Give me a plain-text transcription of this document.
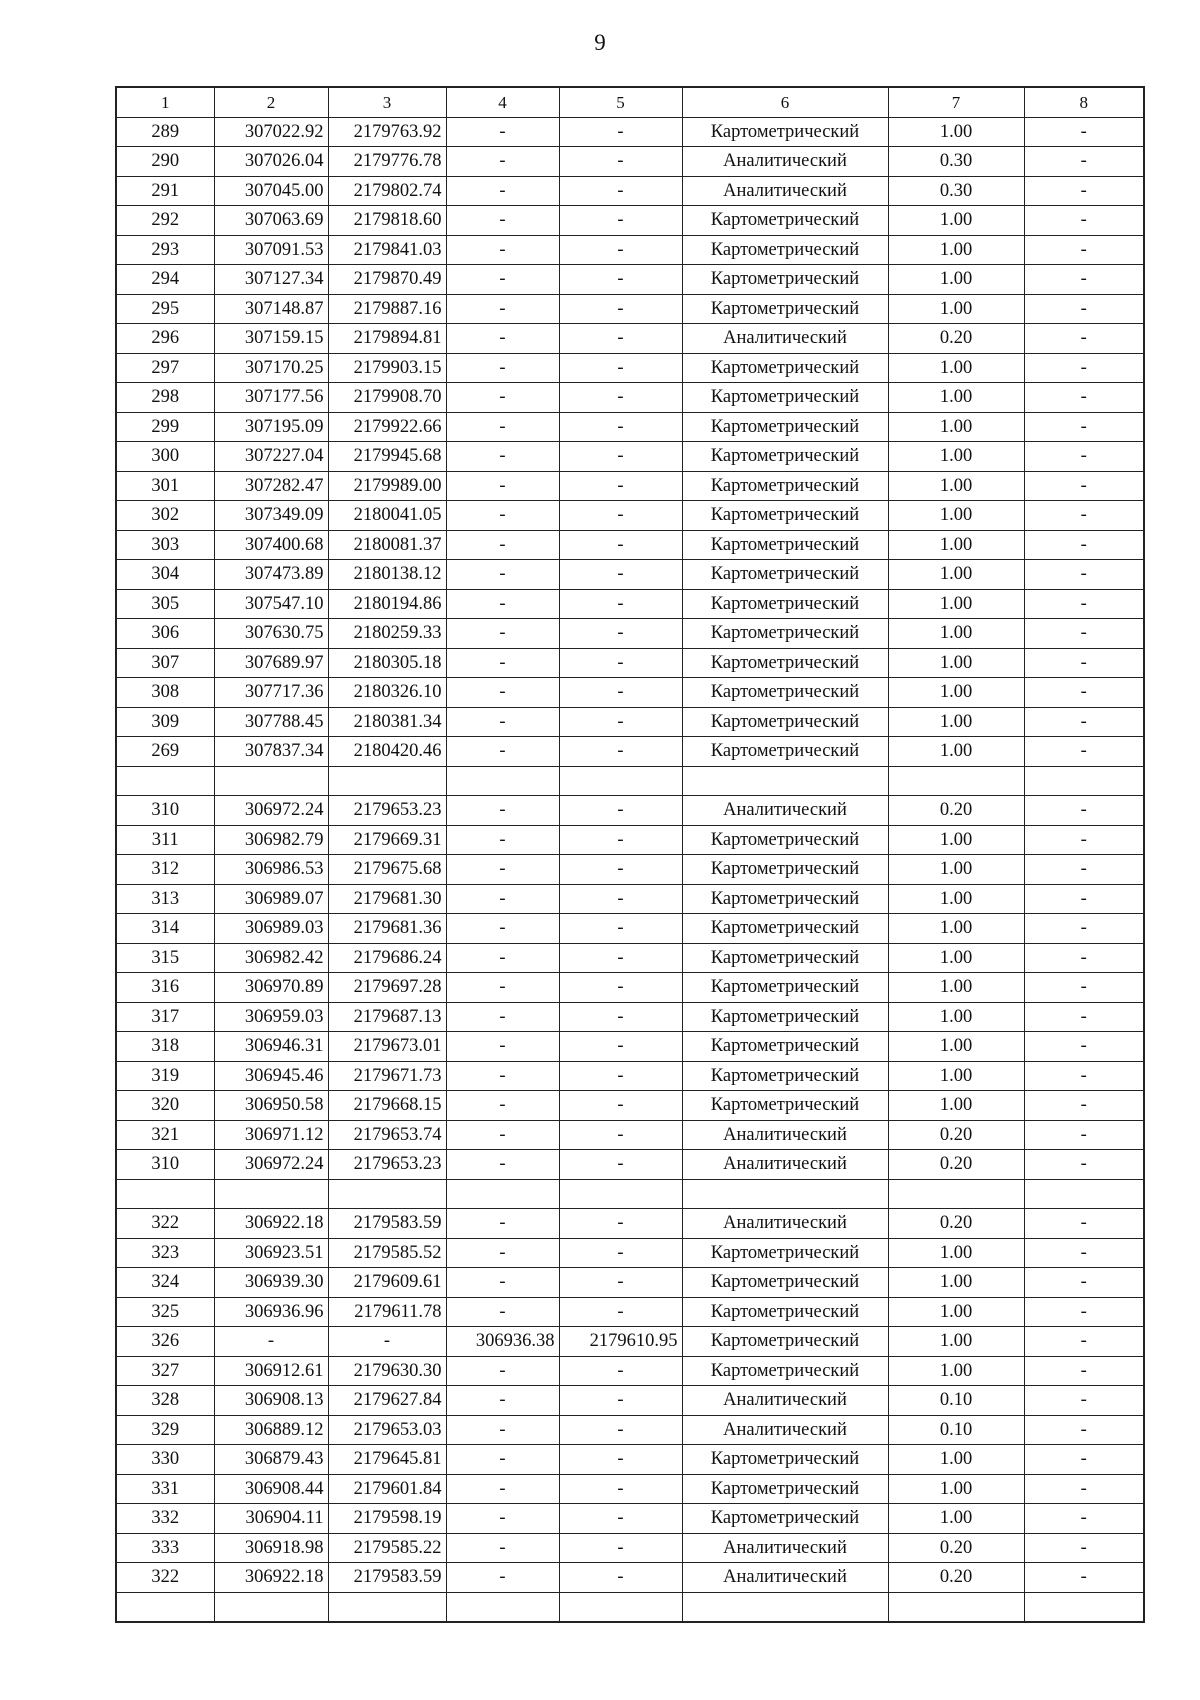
9
1	2	3	4	5	6	7	8
289	307022.92	2179763.92	-	-	Картометрический	1.00	-
290	307026.04	2179776.78	-	-	Аналитический	0.30	-
291	307045.00	2179802.74	-	-	Аналитический	0.30	-
292	307063.69	2179818.60	-	-	Картометрический	1.00	-
293	307091.53	2179841.03	-	-	Картометрический	1.00	-
294	307127.34	2179870.49	-	-	Картометрический	1.00	-
295	307148.87	2179887.16	-	-	Картометрический	1.00	-
296	307159.15	2179894.81	-	-	Аналитический	0.20	-
297	307170.25	2179903.15	-	-	Картометрический	1.00	-
298	307177.56	2179908.70	-	-	Картометрический	1.00	-
299	307195.09	2179922.66	-	-	Картометрический	1.00	-
300	307227.04	2179945.68	-	-	Картометрический	1.00	-
301	307282.47	2179989.00	-	-	Картометрический	1.00	-
302	307349.09	2180041.05	-	-	Картометрический	1.00	-
303	307400.68	2180081.37	-	-	Картометрический	1.00	-
304	307473.89	2180138.12	-	-	Картометрический	1.00	-
305	307547.10	2180194.86	-	-	Картометрический	1.00	-
306	307630.75	2180259.33	-	-	Картометрический	1.00	-
307	307689.97	2180305.18	-	-	Картометрический	1.00	-
308	307717.36	2180326.10	-	-	Картометрический	1.00	-
309	307788.45	2180381.34	-	-	Картометрический	1.00	-
269	307837.34	2180420.46	-	-	Картометрический	1.00	-

310	306972.24	2179653.23	-	-	Аналитический	0.20	-
311	306982.79	2179669.31	-	-	Картометрический	1.00	-
312	306986.53	2179675.68	-	-	Картометрический	1.00	-
313	306989.07	2179681.30	-	-	Картометрический	1.00	-
314	306989.03	2179681.36	-	-	Картометрический	1.00	-
315	306982.42	2179686.24	-	-	Картометрический	1.00	-
316	306970.89	2179697.28	-	-	Картометрический	1.00	-
317	306959.03	2179687.13	-	-	Картометрический	1.00	-
318	306946.31	2179673.01	-	-	Картометрический	1.00	-
319	306945.46	2179671.73	-	-	Картометрический	1.00	-
320	306950.58	2179668.15	-	-	Картометрический	1.00	-
321	306971.12	2179653.74	-	-	Аналитический	0.20	-
310	306972.24	2179653.23	-	-	Аналитический	0.20	-

322	306922.18	2179583.59	-	-	Аналитический	0.20	-
323	306923.51	2179585.52	-	-	Картометрический	1.00	-
324	306939.30	2179609.61	-	-	Картометрический	1.00	-
325	306936.96	2179611.78	-	-	Картометрический	1.00	-
326	-	-	306936.38	2179610.95	Картометрический	1.00	-
327	306912.61	2179630.30	-	-	Картометрический	1.00	-
328	306908.13	2179627.84	-	-	Аналитический	0.10	-
329	306889.12	2179653.03	-	-	Аналитический	0.10	-
330	306879.43	2179645.81	-	-	Картометрический	1.00	-
331	306908.44	2179601.84	-	-	Картометрический	1.00	-
332	306904.11	2179598.19	-	-	Картометрический	1.00	-
333	306918.98	2179585.22	-	-	Аналитический	0.20	-
322	306922.18	2179583.59	-	-	Аналитический	0.20	-
